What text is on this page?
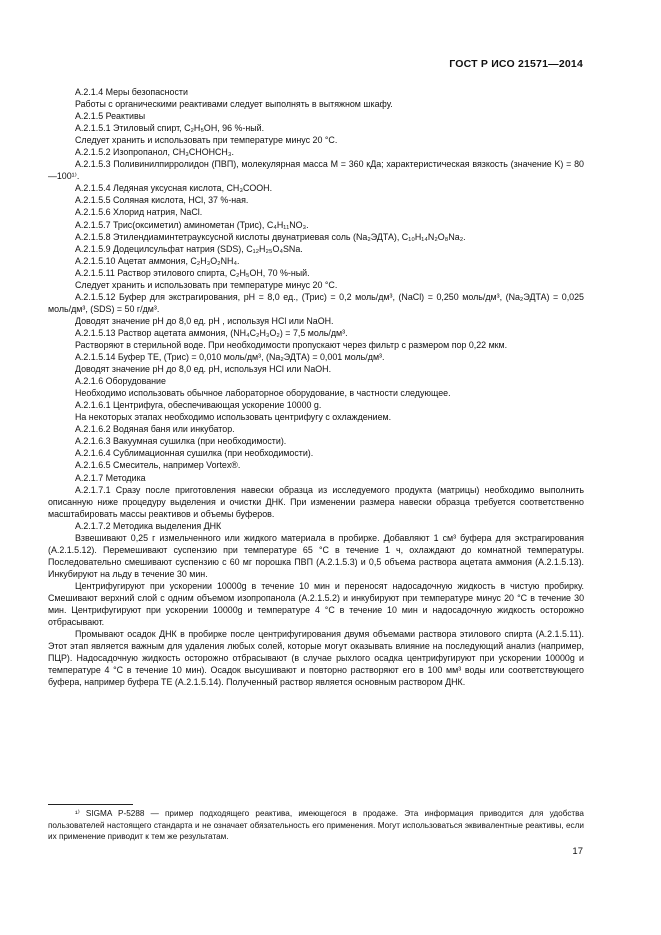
ГОСТ Р ИСО 21571—2014

А.2.1.4 Меры безопасности

Работы с органическими реактивами следует выполнять в вытяжном шкафу.

А.2.1.5 Реактивы

А.2.1.5.1 Этиловый спирт, C₂H₅OH, 96 %-ный.

Следует хранить и использовать при температуре минус 20 °С.

А.2.1.5.2 Изопропанол, CH₃CHOHCH₃.

А.2.1.5.3 Поливинилпирролидон (ПВП), молекулярная масса M = 360 кДа; характеристическая вязкость (значение K) = 80—100¹⁾.

А.2.1.5.4 Ледяная уксусная кислота, CH₃COOH.

А.2.1.5.5 Соляная кислота, HCl, 37 %-ная.

А.2.1.5.6 Хлорид натрия, NaCl.

А.2.1.5.7 Трис(оксиметил) аминометан (Трис), C₄H₁₁NO₃.

А.2.1.5.8 Этилендиаминтетрауксусной кислоты двунатриевая соль (Na₂ЭДТА), C₁₀H₁₄N₂O₈Na₂.

А.2.1.5.9 Додецилсульфат натрия (SDS), C₁₂H₂₅O₄SNa.

А.2.1.5.10 Ацетат аммония, C₂H₃O₂NH₄.

А.2.1.5.11 Раствор этилового спирта, C₂H₅OH, 70 %-ный.

Следует хранить и использовать при температуре минус 20 °С.

А.2.1.5.12 Буфер для экстрагирования, pH = 8,0 ед., (Трис) = 0,2 моль/дм³, (NaCl) = 0,250 моль/дм³, (Na₂ЭДТА) = 0,025 моль/дм³, (SDS) = 50 г/дм³.

Доводят значение pH до 8,0 ед. pH , используя HCl или NaOH.

А.2.1.5.13 Раствор ацетата аммония, (NH₄C₂H₃O₂) = 7,5 моль/дм³.

Растворяют в стерильной воде. При необходимости пропускают через фильтр с размером пор 0,22 мкм.

А.2.1.5.14 Буфер ТЕ, (Трис) = 0,010 моль/дм³, (Na₂ЭДТА) = 0,001 моль/дм³.

Доводят значение pH до 8,0 ед. pH, используя HCl или NaOH.

А.2.1.6 Оборудование

Необходимо использовать обычное лабораторное оборудование, в частности следующее.

А.2.1.6.1 Центрифуга, обеспечивающая ускорение 10000 g.

На некоторых этапах необходимо использовать центрифугу с охлаждением.

А.2.1.6.2 Водяная баня или инкубатор.

А.2.1.6.3 Вакуумная сушилка (при необходимости).

А.2.1.6.4 Сублимационная сушилка (при необходимости).

А.2.1.6.5 Смеситель, например Vortex®.

А.2.1.7 Методика

А.2.1.7.1 Сразу после приготовления навески образца из исследуемого продукта (матрицы) необходимо выполнить описанную ниже процедуру выделения и очистки ДНК. При изменении размера навески образца требуется соответственно масштабировать массы реактивов и объемы буферов.

А.2.1.7.2 Методика выделения ДНК

Взвешивают 0,25 г измельченного или жидкого материала в пробирке. Добавляют 1 см³ буфера для экстрагирования (А.2.1.5.12). Перемешивают суспензию при температуре 65 °С в течение 1 ч, охлаждают до комнатной температуры. Последовательно смешивают суспензию с 60 мг порошка ПВП (А.2.1.5.3) и 0,5 объема раствора ацетата аммония (А.2.1.5.13). Инкубируют на льду в течение 30 мин.

Центрифугируют при ускорении 10000g в течение 10 мин и переносят надосадочную жидкость в чистую пробирку. Смешивают верхний слой с одним объемом изопропанола (А.2.1.5.2) и инкубируют при температуре минус 20 °С в течение 30 мин. Центрифугируют при ускорении 10000g и температуре 4 °С в течение 10 мин и надосадочную жидкость осторожно отбрасывают.

Промывают осадок ДНК в пробирке после центрифугирования двумя объемами раствора этилового спирта (А.2.1.5.11). Этот этап является важным для удаления любых солей, которые могут оказывать влияние на последующий анализ (например, ПЦР). Надосадочную жидкость осторожно отбрасывают (в случае рыхлого осадка центрифугируют при ускорении 10000g и температуре 4 °С в течение 10 мин). Осадок высушивают и повторно растворяют его в 100 мм³ воды или соответствующего буфера, например буфера ТЕ (А.2.1.5.14). Полученный раствор является основным раствором ДНК.

¹⁾ SIGMA P-5288 — пример подходящего реактива, имеющегося в продаже. Эта информация приводится для удобства пользователей настоящего стандарта и не означает обязательность его применения. Могут использоваться эквивалентные реактивы, если их применение приводит к тем же результатам.

17
